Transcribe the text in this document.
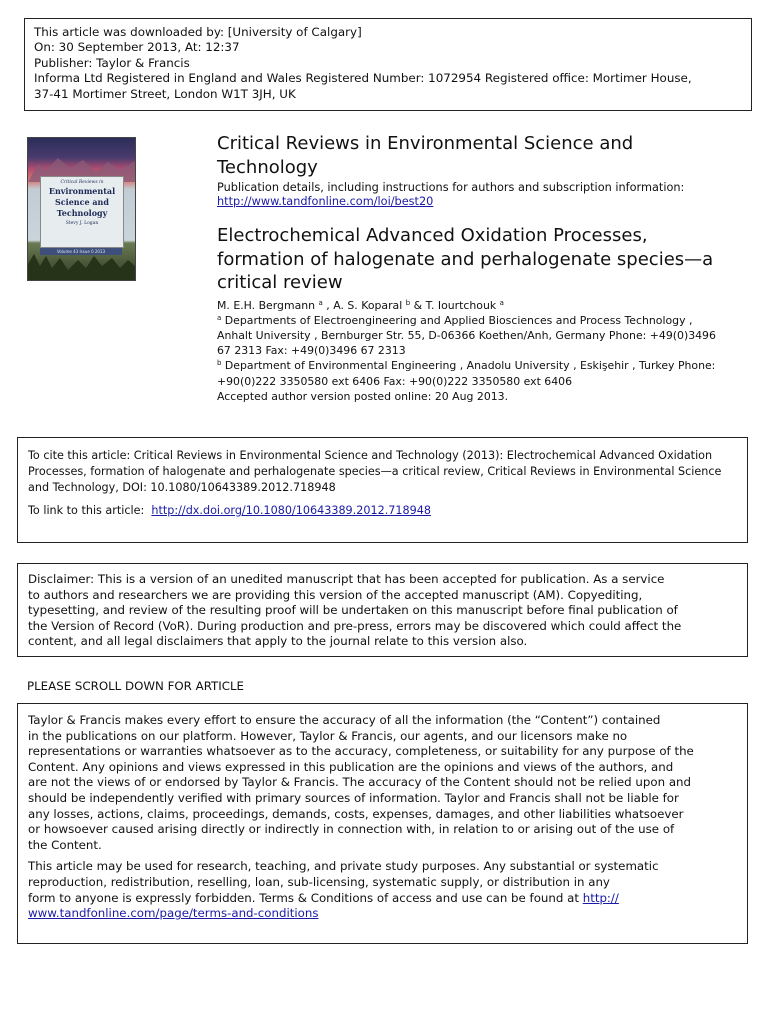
This article was downloaded by: [University of Calgary]
On: 30 September 2013, At: 12:37
Publisher: Taylor & Francis
Informa Ltd Registered in England and Wales Registered Number: 1072954 Registered office: Mortimer House,
37-41 Mortimer Street, London W1T 3JH, UK
Critical Reviews in
Environmental
Science and
Technology
Stevy J. Logan
Volume 43 Issue 0 2013
Critical Reviews in Environmental Science and
Technology
Publication details, including instructions for authors and subscription information:
http://www.tandfonline.com/loi/best20
Electrochemical Advanced Oxidation Processes,
formation of halogenate and perhalogenate species—a
critical review
M. E.H. Bergmann $^a$ , A. S. Koparal $^b$ & T. Iourtchouk $^a$
$^a$ Departments of Electroengineering and Applied Biosciences and Process Technology ,
Anhalt University , Bernburger Str. 55, D-06366 Koethen/Anh, Germany Phone: +49(0)3496
67 2313 Fax: +49(0)3496 67 2313
$^b$ Department of Environmental Engineering , Anadolu University , Eskişehir , Turkey Phone:
+90(0)222 3350580 ext 6406 Fax: +90(0)222 3350580 ext 6406
Accepted author version posted online: 20 Aug 2013.
To cite this article: Critical Reviews in Environmental Science and Technology (2013): Electrochemical Advanced Oxidation
Processes, formation of halogenate and perhalogenate species—a critical review, Critical Reviews in Environmental Science
and Technology, DOI: 10.1080/10643389.2012.718948
To link to this article: http://dx.doi.org/10.1080/10643389.2012.718948
Disclaimer: This is a version of an unedited manuscript that has been accepted for publication. As a service
to authors and researchers we are providing this version of the accepted manuscript (AM). Copyediting,
typesetting, and review of the resulting proof will be undertaken on this manuscript before final publication of
the Version of Record (VoR). During production and pre-press, errors may be discovered which could affect the
content, and all legal disclaimers that apply to the journal relate to this version also.
PLEASE SCROLL DOWN FOR ARTICLE
Taylor & Francis makes every effort to ensure the accuracy of all the information (the “Content”) contained
in the publications on our platform. However, Taylor & Francis, our agents, and our licensors make no
representations or warranties whatsoever as to the accuracy, completeness, or suitability for any purpose of the
Content. Any opinions and views expressed in this publication are the opinions and views of the authors, and
are not the views of or endorsed by Taylor & Francis. The accuracy of the Content should not be relied upon and
should be independently verified with primary sources of information. Taylor and Francis shall not be liable for
any losses, actions, claims, proceedings, demands, costs, expenses, damages, and other liabilities whatsoever
or howsoever caused arising directly or indirectly in connection with, in relation to or arising out of the use of
the Content.
This article may be used for research, teaching, and private study purposes. Any substantial or systematic
reproduction, redistribution, reselling, loan, sub-licensing, systematic supply, or distribution in any
form to anyone is expressly forbidden. Terms & Conditions of access and use can be found at http://
www.tandfonline.com/page/terms-and-conditions
